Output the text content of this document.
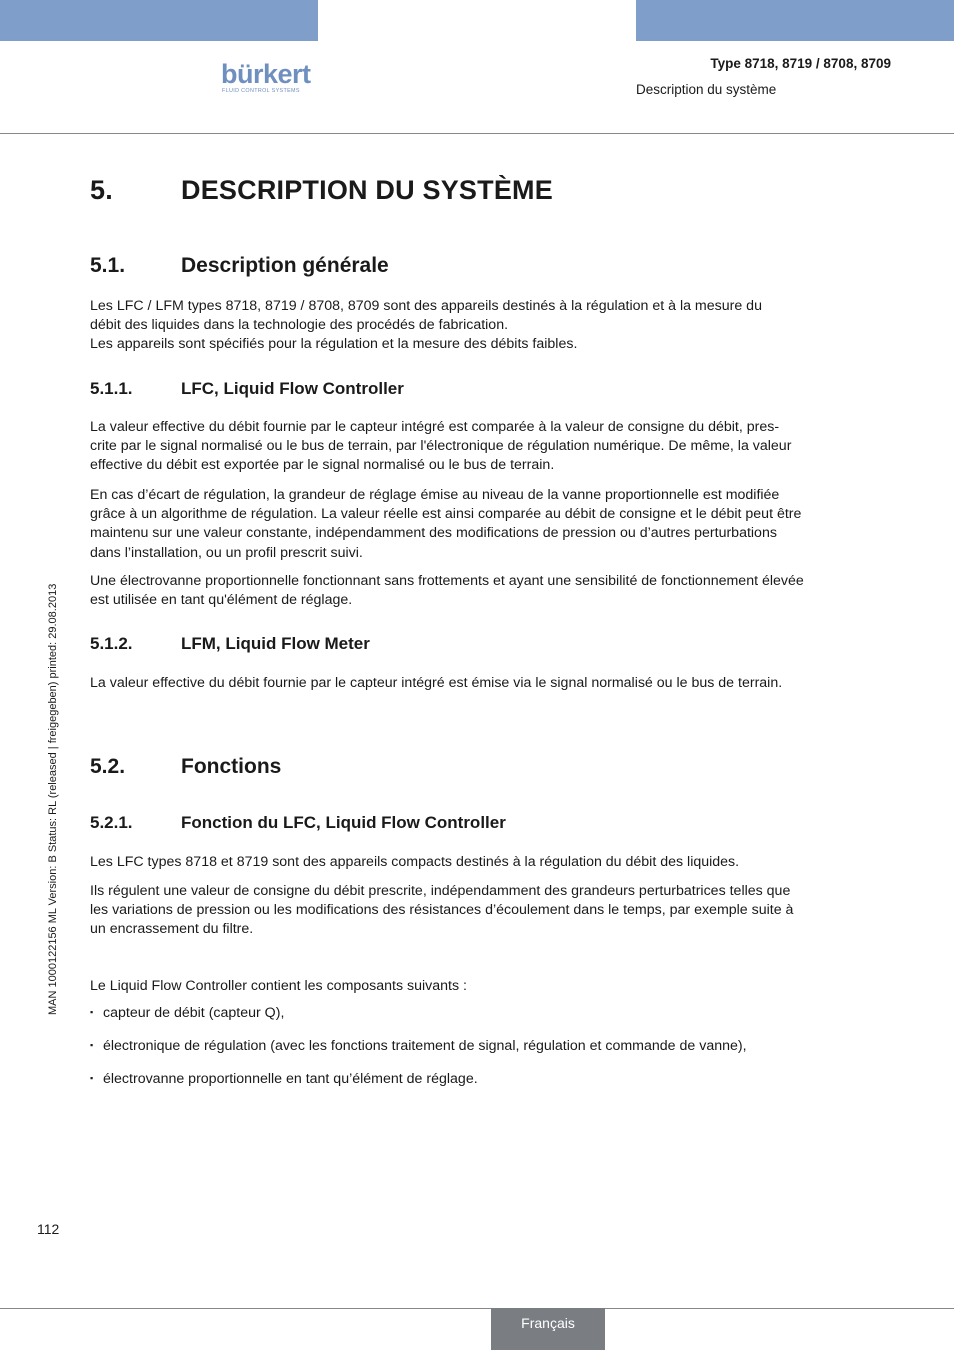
bürkert
FLUID CONTROL SYSTEMS
Type 8718, 8719 / 8708, 8709
Description du système
5.	DESCRIPTION DU SYSTÈME
5.1.	Description générale

Les LFC / LFM types 8718, 8719 / 8708, 8709 sont des appareils destinés à la régulation et à la mesure du

débit des liquides dans la technologie des procédés de fabrication.

Les appareils sont spécifiés pour la régulation et la mesure des débits faibles.

5.1.1.	LFC, Liquid Flow Controller

La valeur effective du débit fournie par le capteur intégré est comparée à la valeur de consigne du débit, pres-

crite par le signal normalisé ou le bus de terrain, par l'électronique de régulation numérique. De même, la valeur

effective du débit est exportée par le signal normalisé ou le bus de terrain.

En cas d’écart de régulation, la grandeur de réglage émise au niveau de la vanne proportionnelle est modifiée

grâce à un algorithme de régulation. La valeur réelle est ainsi comparée au débit de consigne et le débit peut être

maintenu sur une valeur constante, indépendamment des modifications de pression ou d’autres perturbations

dans l’installation, ou un profil prescrit suivi.

Une électrovanne proportionnelle fonctionnant sans frottements et ayant une sensibilité de fonctionnement élevée

est utilisée en tant qu'élément de réglage.

5.1.2.	LFM, Liquid Flow Meter

La valeur effective du débit fournie par le capteur intégré est émise via le signal normalisé ou le bus de terrain.

5.2.	Fonctions
5.2.1.	Fonction du LFC, Liquid Flow Controller

Les LFC types 8718 et 8719 sont des appareils compacts destinés à la régulation du débit des liquides.

Ils régulent une valeur de consigne du débit prescrite, indépendamment des grandeurs perturbatrices telles que

les variations de pression ou les modifications des résistances d’écoulement dans le temps, par exemple suite à

un encrassement du filtre.

Le Liquid Flow Controller contient les composants suivants :

▪ capteur de débit (capteur Q),
▪ électronique de régulation (avec les fonctions traitement de signal, régulation et commande de vanne),
▪ électrovanne proportionnelle en tant qu’élément de réglage.
MAN 1000122156 ML Version: B Status: RL (released | freigegeben) printed: 29.08.2013
112
Français
